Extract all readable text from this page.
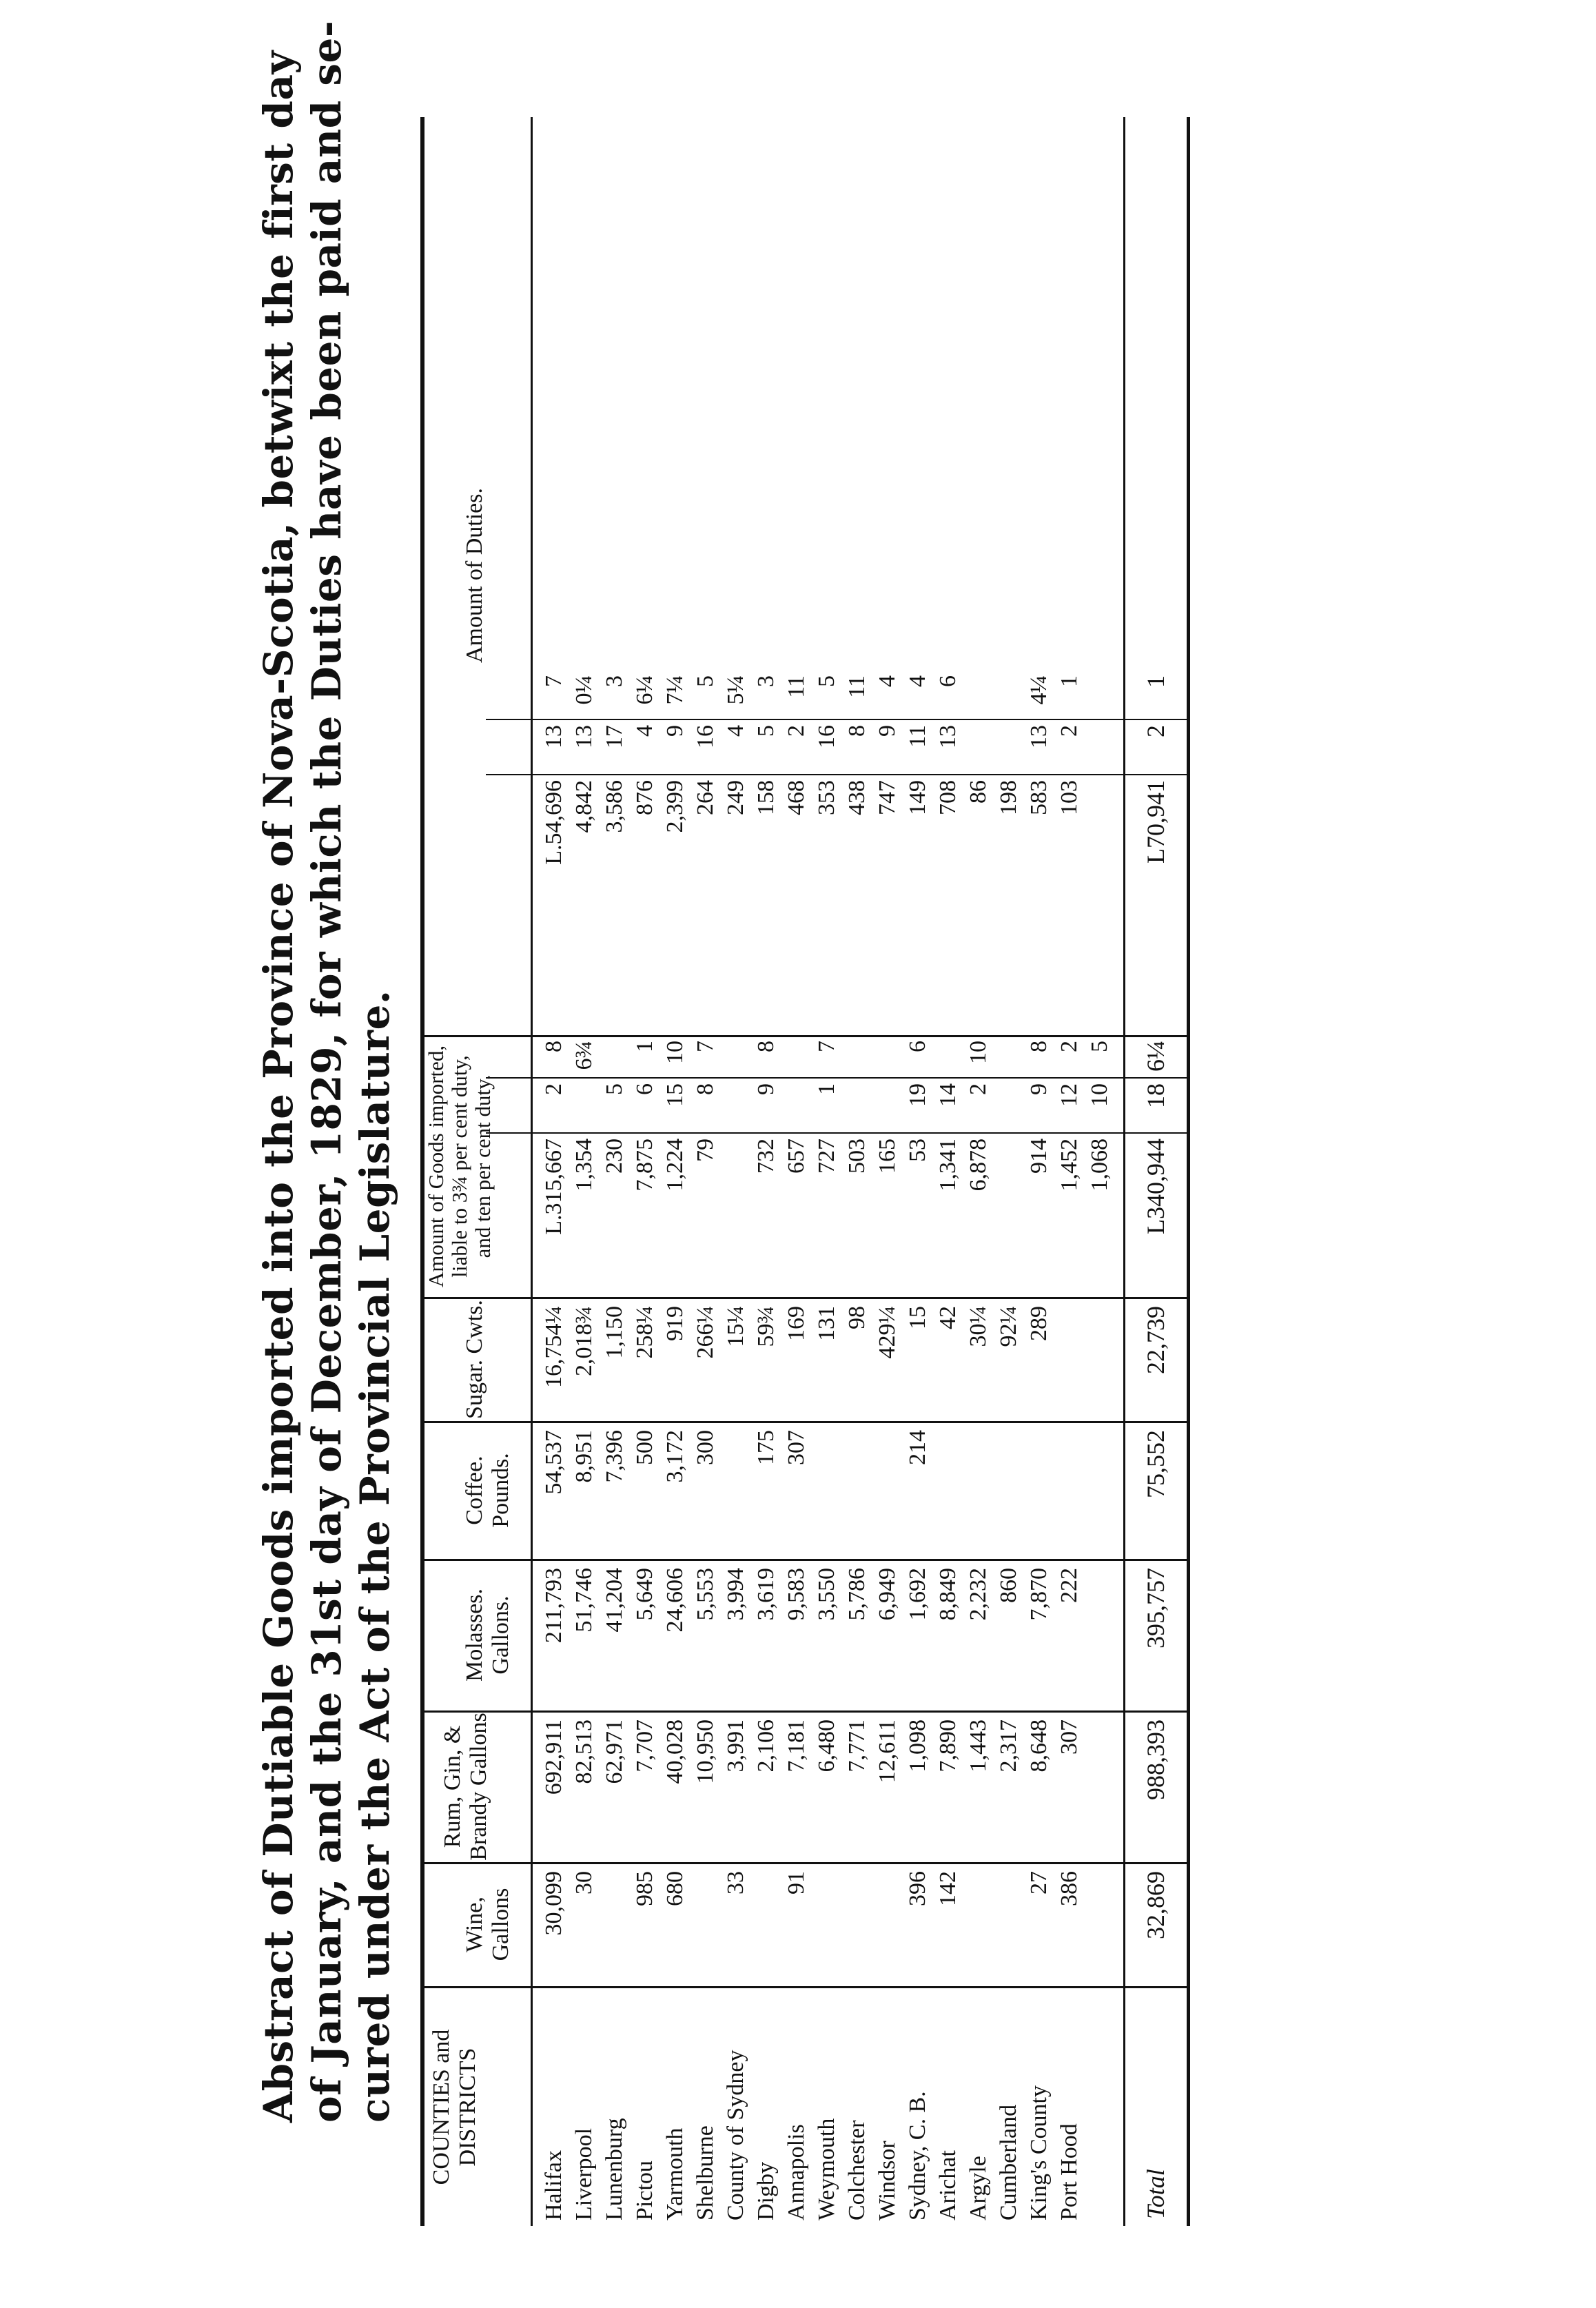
Abstract of Dutiable Goods imported into the Province of Nova-Scotia, betwixt the first day of January, and the 31st day of December, 1829, for which the Duties have been paid and se- cured under the Act of the Provincial Legislature. COUNTIES and DISTRICTS
Wine, Gallons
Rum, Gin, & Brandy Gallons
Molasses. Gallons.
Coffee. Pounds.
Sugar. Cwts.
Amount of Goods imported, liable to 3¾ per cent duty, and ten per cent duty.
Amount of Duties.
Halifax
30,099
692,911
211,793
54,537
16,754¼
L.315,667
2
8
L.54,696
13
7
Liverpool
30
82,513
51,746
8,951
2,018¾
1,354
6¾
4,842
13
0¼
Lunenburg
62,971
41,204
7,396
1,150
230
5
3,586
17
3
Pictou
985
7,707
5,649
500
258¼
7,875
6
1
876
4
6¼
Yarmouth
680
40,028
24,606
3,172
919
1,224
15
10
2,399
9
7¼
Shelburne
10,950
5,553
300
266¼
79
8
7
264
16
5
County of Sydney
33
3,991
3,994
15¼
249
4
5¼
Digby
2,106
3,619
175
59¾
732
9
8
158
5
3
Annapolis
91
7,181
9,583
307
169
657
468
2
11
Weymouth
6,480
3,550
131
727
1
7
353
16
5
Colchester
7,771
5,786
98
503
438
8
11
Windsor
12,611
6,949
429¼
165
747
9
4
Sydney, C. B.
396
1,098
1,692
214
15
53
19
6
149
11
4
Arichat
142
7,890
8,849
42
1,341
14
708
13
6
Argyle
1,443
2,232
30¼
6,878
2
10
86
Cumberland
2,317
860
92¼
198
King's County
27
8,648
7,870
289
914
9
8
583
13
4¼
Port Hood
386
307
222
1,452
12
2
103
2
1
1,068
10
5
Total
32,869
988,393
395,757
75,552
22,739
L340,944
18
6¼
L70,941
2
1
